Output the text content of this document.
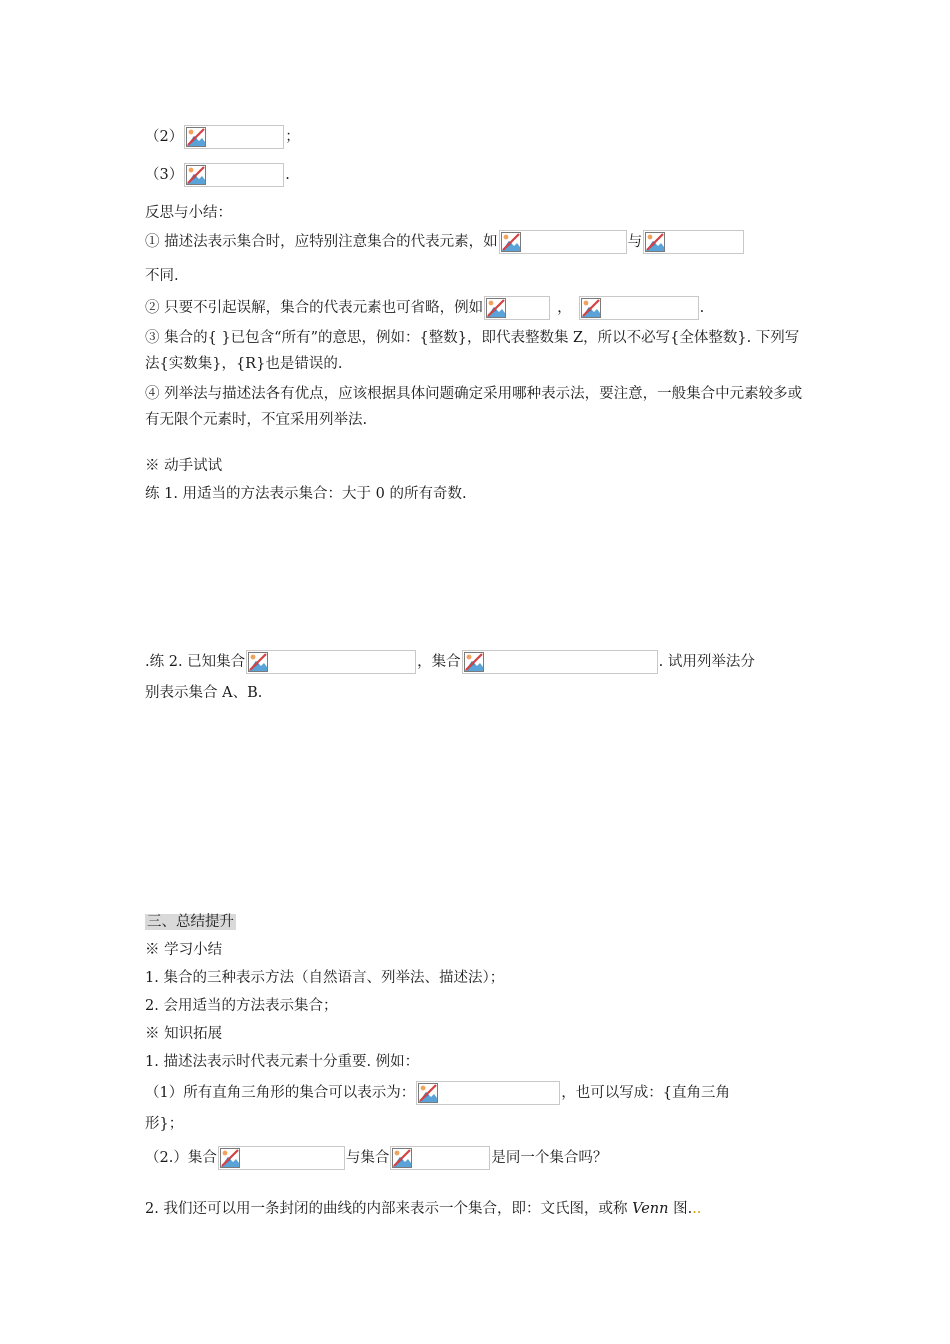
（2）	；
（3）	.
反思与小结：
① 描述法表示集合时，应特别注意集合的代表元素，如	与
不同.
② 只要不引起误解，集合的代表元素也可省略，例如	，	.
③ 集合的{ }已包含“所有”的意思，例如：{整数}，即代表整数集 Z，所以不必写{全体整数}. 下列写法{实数集}，{R}也是错误的.
④ 列举法与描述法各有优点，应该根据具体问题确定采用哪种表示法，要注意，一般集合中元素较多或有无限个元素时，不宜采用列举法.
※ 动手试试
练 1. 用适当的方法表示集合：大于 0 的所有奇数.
.练 2. 已知集合	，集合	. 试用列举法分
别表示集合 A、B.
三、总结提升
※ 学习小结
1. 集合的三种表示方法（自然语言、列举法、描述法）；
2. 会用适当的方法表示集合；
※ 知识拓展
1. 描述法表示时代表元素十分重要. 例如：
（1）所有直角三角形的集合可以表示为：	，也可以写成：{直角三角
形}；
（2.）集合	与集合	是同一个集合吗？
2. 我们还可以用一条封闭的曲线的内部来表示一个集合，即：文氏图，或称 Venn 图...
